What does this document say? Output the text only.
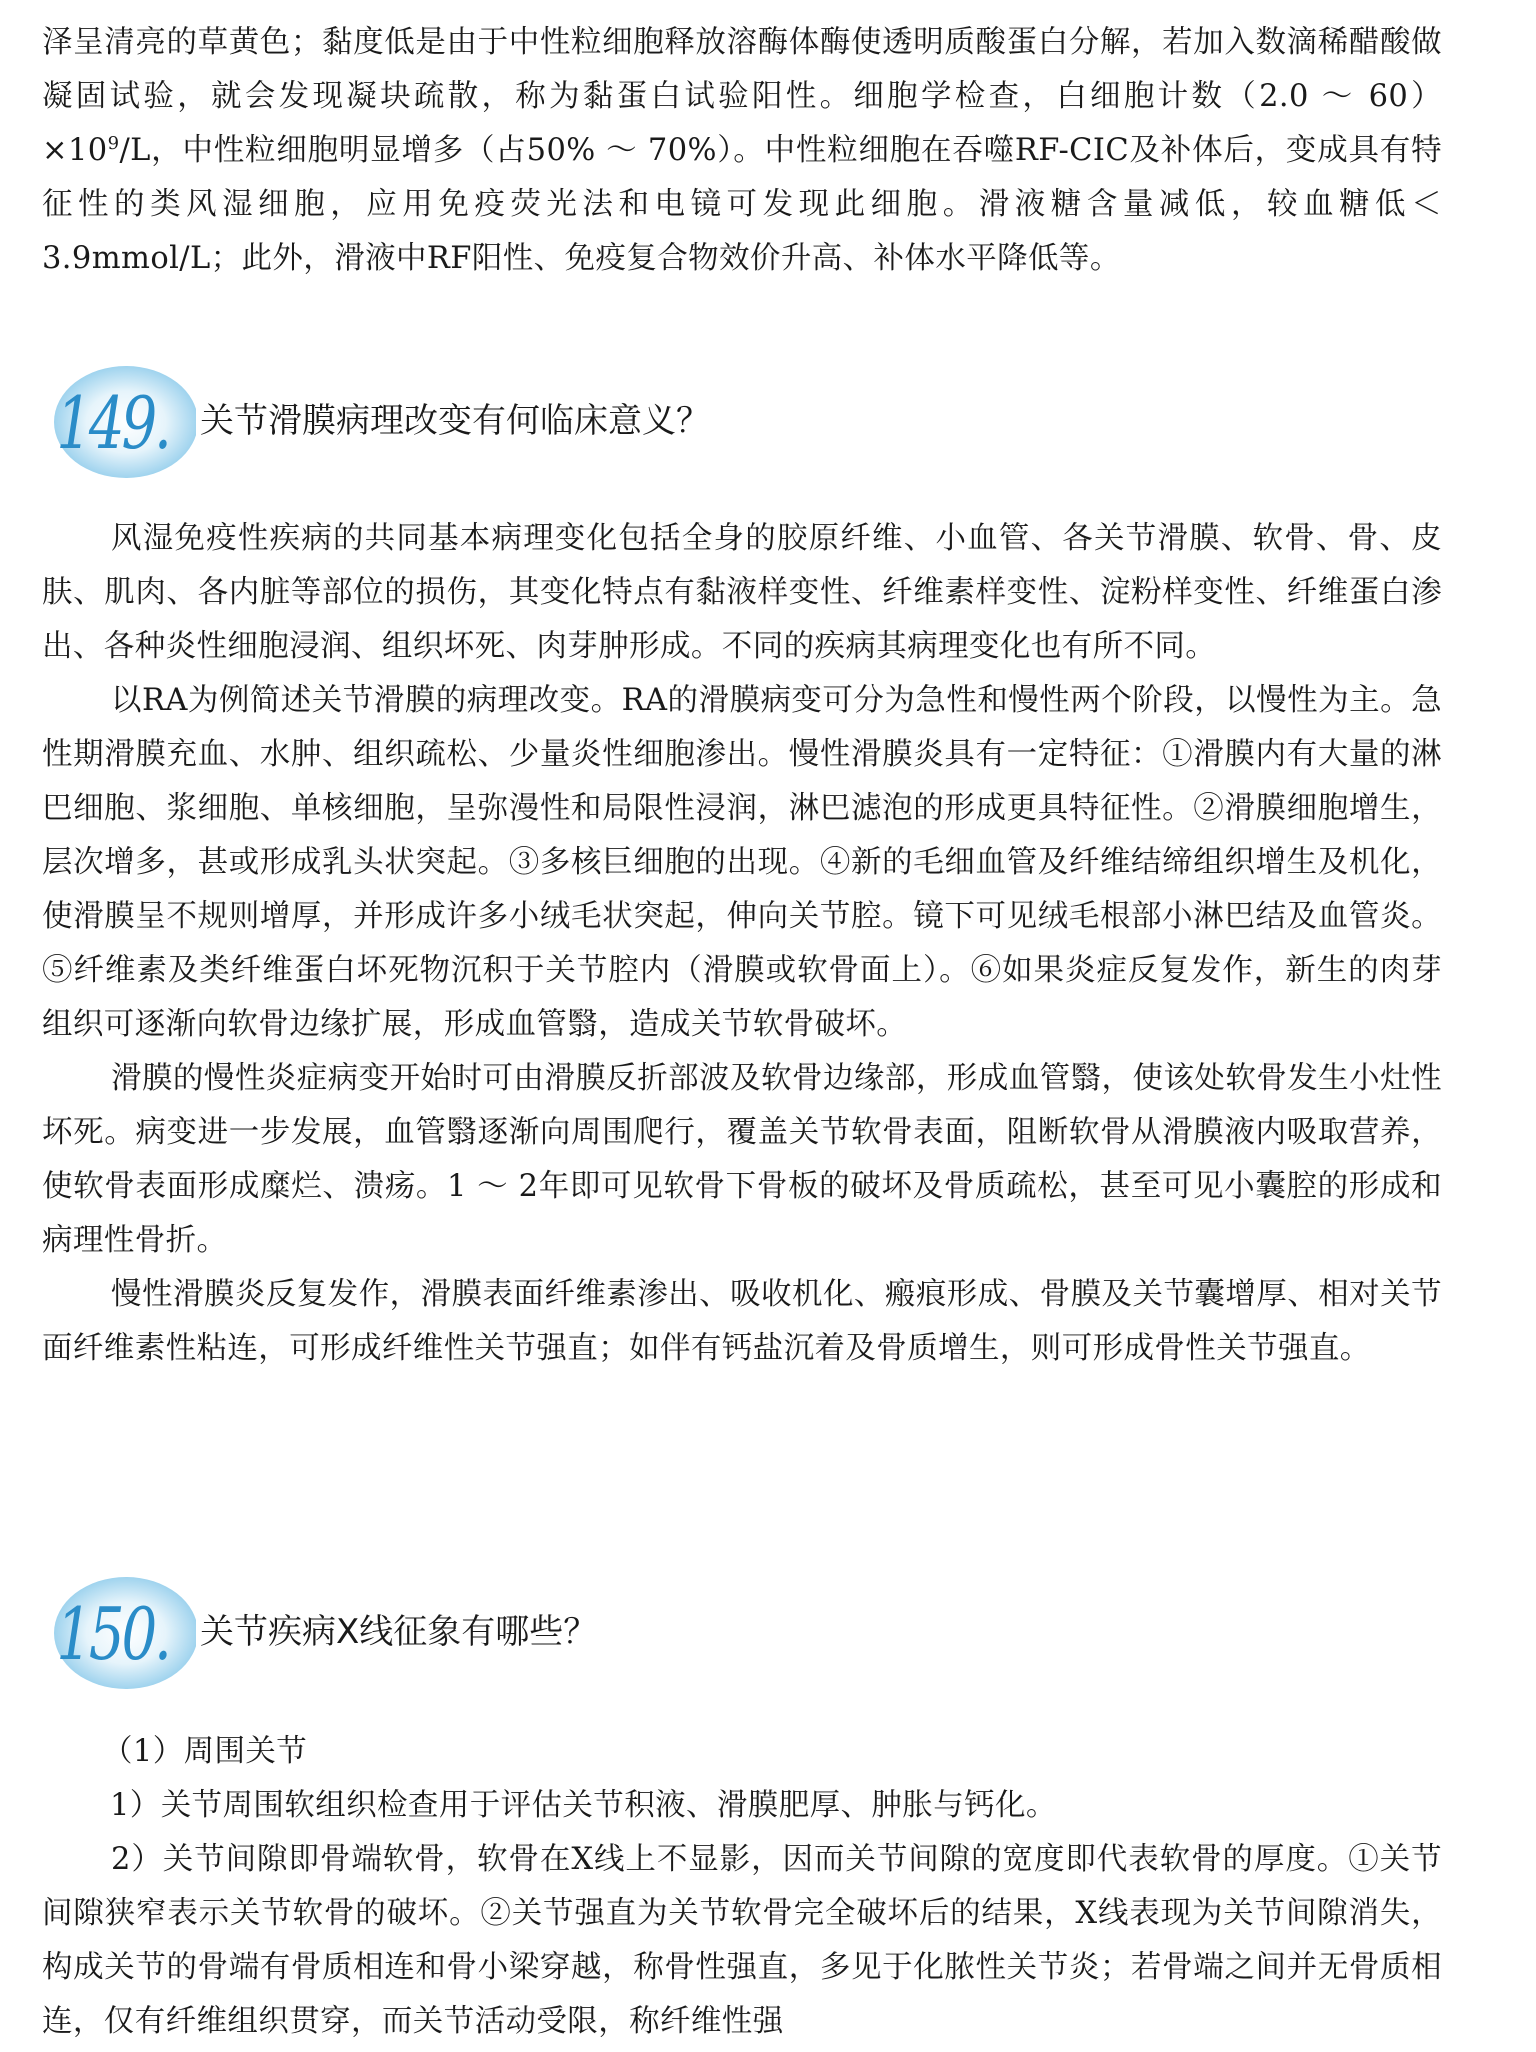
泽呈清亮的草黄色；黏度低是由于中性粒细胞释放溶酶体酶使透明质酸蛋白分解，若加入数滴稀醋酸做凝固试验，就会发现凝块疏散，称为黏蛋白试验阳性。细胞学检查，白细胞计数（2.0 ～ $60)\times 10^9/L$，中性粒细胞明显增多（占50% ～ 70%）。中性粒细胞在吞噬RF-CIC及补体后，变成具有特征性的类风湿细胞，应用免疫荧光法和电镜可发现此细胞。滑液糖含量减低，较血糖低＜3.9mmol/L；此外，滑液中RF阳性、免疫复合物效价升高、补体水平降低等。

149. 关节滑膜病理改变有何临床意义？

风湿免疫性疾病的共同基本病理变化包括全身的胶原纤维、小血管、各关节滑膜、软骨、骨、皮肤、肌肉、各内脏等部位的损伤，其变化特点有黏液样变性、纤维素样变性、淀粉样变性、纤维蛋白渗出、各种炎性细胞浸润、组织坏死、肉芽肿形成。不同的疾病其病理变化也有所不同。

以RA为例简述关节滑膜的病理改变。RA的滑膜病变可分为急性和慢性两个阶段，以慢性为主。急性期滑膜充血、水肿、组织疏松、少量炎性细胞渗出。慢性滑膜炎具有一定特征：①滑膜内有大量的淋巴细胞、浆细胞、单核细胞，呈弥漫性和局限性浸润，淋巴滤泡的形成更具特征性。②滑膜细胞增生，层次增多，甚或形成乳头状突起。③多核巨细胞的出现。④新的毛细血管及纤维结缔组织增生及机化，使滑膜呈不规则增厚，并形成许多小绒毛状突起，伸向关节腔。镜下可见绒毛根部小淋巴结及血管炎。⑤纤维素及类纤维蛋白坏死物沉积于关节腔内（滑膜或软骨面上）。⑥如果炎症反复发作，新生的肉芽组织可逐渐向软骨边缘扩展，形成血管翳，造成关节软骨破坏。

滑膜的慢性炎症病变开始时可由滑膜反折部波及软骨边缘部，形成血管翳，使该处软骨发生小灶性坏死。病变进一步发展，血管翳逐渐向周围爬行，覆盖关节软骨表面，阻断软骨从滑膜液内吸取营养，使软骨表面形成糜烂、溃疡。1 ～ 2年即可见软骨下骨板的破坏及骨质疏松，甚至可见小囊腔的形成和病理性骨折。

慢性滑膜炎反复发作，滑膜表面纤维素渗出、吸收机化、瘢痕形成、骨膜及关节囊增厚、相对关节面纤维素性粘连，可形成纤维性关节强直；如伴有钙盐沉着及骨质增生，则可形成骨性关节强直。

150. 关节疾病X线征象有哪些？

（1）周围关节

1）关节周围软组织检查用于评估关节积液、滑膜肥厚、肿胀与钙化。

2）关节间隙即骨端软骨，软骨在X线上不显影，因而关节间隙的宽度即代表软骨的厚度。①关节间隙狭窄表示关节软骨的破坏。②关节强直为关节软骨完全破坏后的结果，X线表现为关节间隙消失，构成关节的骨端有骨质相连和骨小梁穿越，称骨性强直，多见于化脓性关节炎；若骨端之间并无骨质相连，仅有纤维组织贯穿，而关节活动受限，称纤维性强
